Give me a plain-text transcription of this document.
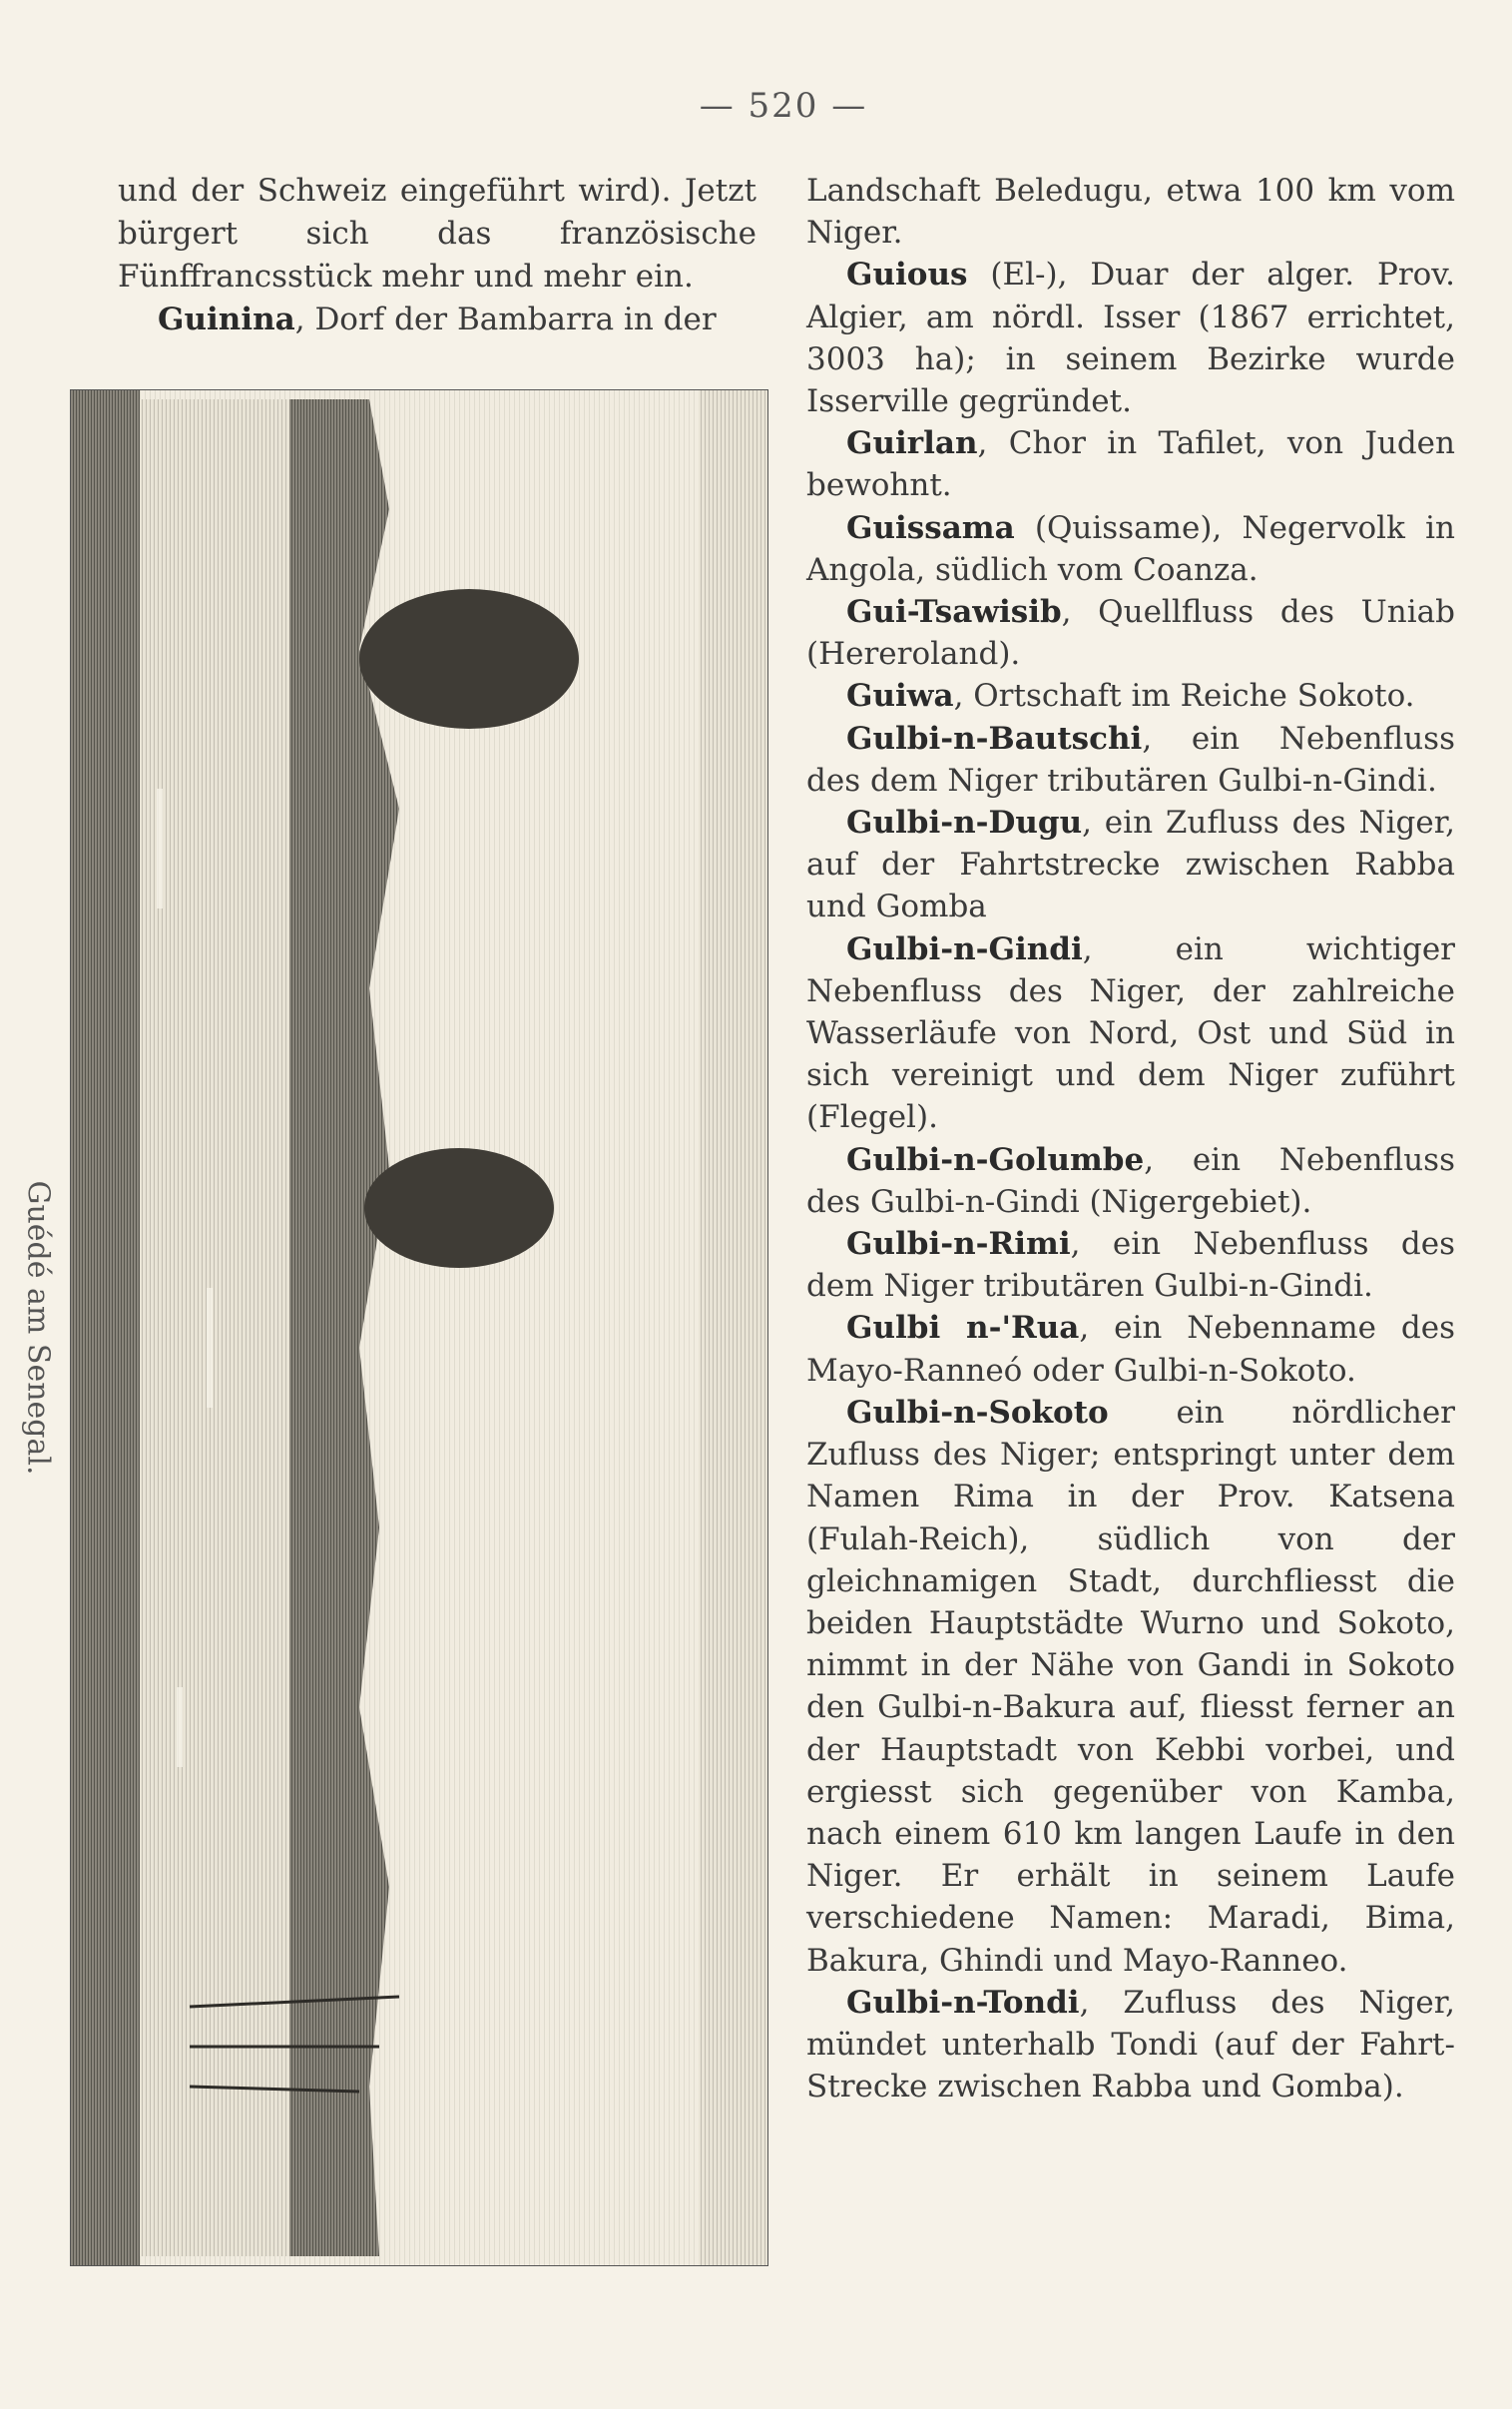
— 520 —

und der Schweiz eingeführt wird). Jetzt bürgert sich das französische Fünffrancsstück mehr und mehr ein.

Guinina, Dorf der Bambarra in der

Guédé am Senegal.

Landschaft Beledugu, etwa 100 km vom Niger.

Guious (El-), Duar der alger. Prov. Algier, am nördl. Isser (1867 errichtet, 3003 ha); in seinem Bezirke wurde Isserville gegründet.

Guirlan, Chor in Tafilet, von Juden bewohnt.

Guissama (Quissame), Negervolk in Angola, südlich vom Coanza.

Gui-Tsawisib, Quellfluss des Uniab (Hereroland).

Guiwa, Ortschaft im Reiche Sokoto.

Gulbi-n-Bautschi, ein Nebenfluss des dem Niger tributären Gulbi-n-Gindi.

Gulbi-n-Dugu, ein Zufluss des Niger, auf der Fahrtstrecke zwischen Rabba und Gomba

Gulbi-n-Gindi, ein wichtiger Nebenfluss des Niger, der zahlreiche Wasserläufe von Nord, Ost und Süd in sich vereinigt und dem Niger zuführt (Flegel).

Gulbi-n-Golumbe, ein Nebenfluss des Gulbi-n-Gindi (Nigergebiet).

Gulbi-n-Rimi, ein Nebenfluss des dem Niger tributären Gulbi-n-Gindi.

Gulbi n-'Rua, ein Nebenname des Mayo-Ranneó oder Gulbi-n-Sokoto.

Gulbi-n-Sokoto ein nördlicher Zufluss des Niger; entspringt unter dem Namen Rima in der Prov. Katsena (Fulah-Reich), südlich von der gleichnamigen Stadt, durchfliesst die beiden Hauptstädte Wurno und Sokoto, nimmt in der Nähe von Gandi in Sokoto den Gulbi-n-Bakura auf, fliesst ferner an der Hauptstadt von Kebbi vorbei, und ergiesst sich gegenüber von Kamba, nach einem 610 km langen Laufe in den Niger. Er erhält in seinem Laufe verschiedene Namen: Maradi, Bima, Bakura, Ghindi und Mayo-Ranneo.

Gulbi-n-Tondi, Zufluss des Niger, mündet unterhalb Tondi (auf der Fahrt-Strecke zwischen Rabba und Gomba).
